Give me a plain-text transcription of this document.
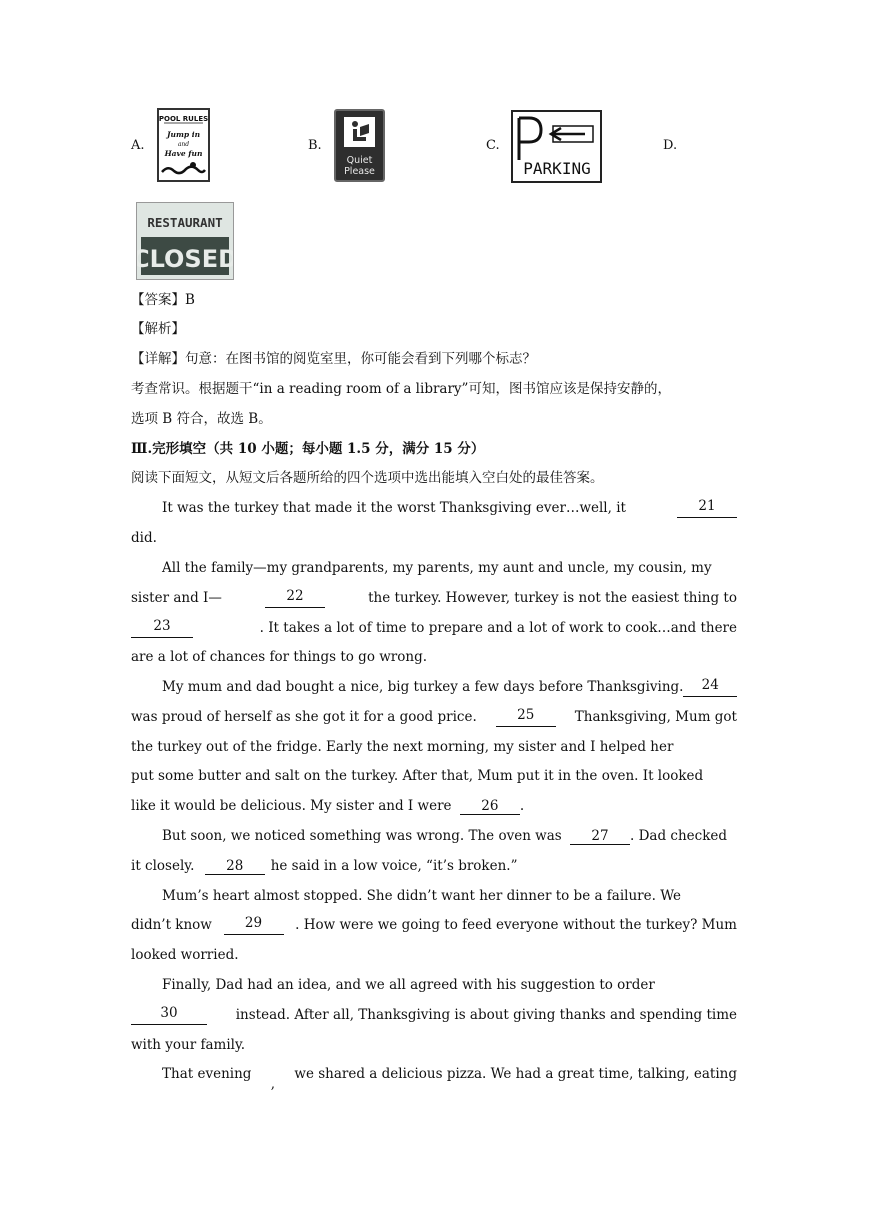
A.	B.	C.	D.
POOL RULES
Jump in
and
Have fun
Quiet
Please	PARKING
RESTAURANT
CLOSED
【答案】B
【解析】
【详解】句意：在图书馆的阅览室里，你可能会看到下列哪个标志？
考查常识。根据题干“in a reading room of a library”可知，图书馆应该是保持安静的，
选项 B 符合，故选 B。
Ⅲ.完形填空（共 10 小题；每小题 1.5 分，满分 15 分）
阅读下面短文，从短文后各题所给的四个选项中选出能填入空白处的最佳答案。
It was the turkey that made it the worst Thanksgiving ever…well, it	21
did.
All the family—my grandparents, my parents, my aunt and uncle, my cousin, my
sister and I—	22	the turkey. However, turkey is not the easiest thing to
23	. It takes a lot of time to prepare and a lot of work to cook…and there
are a lot of chances for things to go wrong.
My mum and dad bought a nice, big turkey a few days before Thanksgiving.	24
was proud of herself as she got it for a good price.	25	Thanksgiving, Mum got
the turkey out of the fridge. Early the next morning, my sister and I helped her
put some butter and salt on the turkey. After that, Mum put it in the oven. It looked
like it would be delicious. My sister and I were 26 .
But soon, we noticed something was wrong. The oven was 27 . Dad checked
it closely. 28 he said in a low voice, “it’s broken.”
Mum’s heart almost stopped. She didn’t want her dinner to be a failure. We
didn’t know	29	. How were we going to feed everyone without the turkey? Mum
looked worried.
Finally, Dad had an idea, and we all agreed with his suggestion to order
30	instead. After all, Thanksgiving is about giving thanks and spending time
with your family.
That evening
,
we shared a delicious pizza. We had a great time, talking, eating
